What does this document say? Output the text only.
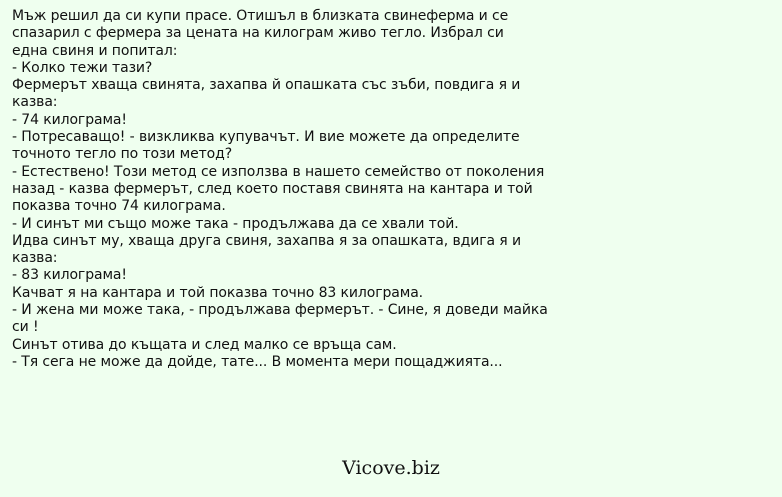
Мъж решил да си купи прасе. Отишъл в близката свинеферма и се
спазарил с фермера за цената на килограм живо тегло. Избрал си
една свиня и попитал:
- Колко тежи тази?
Фермерът хваща свинята, захапва й опашката със зъби, повдига я и
казва:
- 74 килограма!
- Потресаващо! - визкликва купувачът. И вие можете да определите
точното тегло по този метод?
- Естествено! Този метод се използва в нашето семейство от поколения
назад - казва фермерът, след което поставя свинята на кантара и той
показва точно 74 килограма.
- И синът ми също може така - продължава да се хвали той.
Идва синът му, хваща друга свиня, захапва я за опашката, вдига я и
казва:
- 83 килограма!
Качват я на кантара и той показва точно 83 килограма.
- И жена ми може така, - продължава фермерът. - Сине, я доведи майка
си !
Синът отива до къщата и след малко се връща сам.
- Тя сега не може да дойде, тате... В момента мери пощаджията...
Vicove.biz
